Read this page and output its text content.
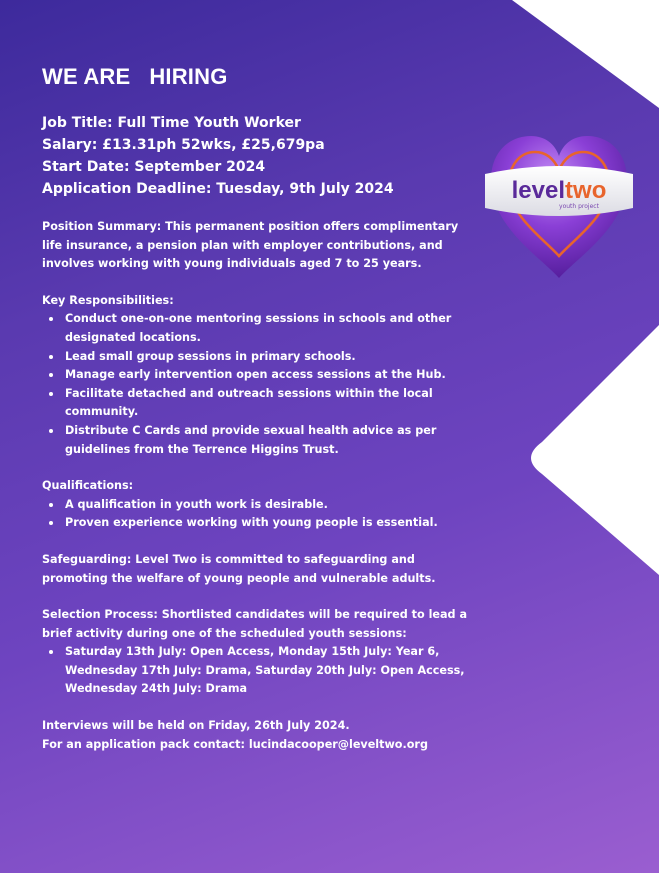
WE ARE   HIRING
Job Title: Full Time Youth Worker
Salary: £13.31ph 52wks, £25,679pa
Start Date: September 2024
Application Deadline: Tuesday, 9th July 2024

Position Summary: This permanent position offers complimentary life insurance, a pension plan with employer contributions, and involves working with young individuals aged 7 to 25 years.

Key Responsibilities:
Conduct one-on-one mentoring sessions in schools and other designated locations.
Lead small group sessions in primary schools.
Manage early intervention open access sessions at the Hub.
Facilitate detached and outreach sessions within the local community.
Distribute C Cards and provide sexual health advice as per guidelines from the Terrence Higgins Trust.
Qualifications:
A qualification in youth work is desirable.
Proven experience working with young people is essential.

Safeguarding: Level Two is committed to safeguarding and promoting the welfare of young people and vulnerable adults.

Selection Process: Shortlisted candidates will be required to lead a brief activity during one of the scheduled youth sessions:

Saturday 13th July: Open Access, Monday 15th July: Year 6, Wednesday 17th July: Drama, Saturday 20th July: Open Access, Wednesday 24th July: Drama

Interviews will be held on Friday, 26th July 2024.

For an application pack contact: lucindacooper@leveltwo.org

leveltwo
youth project
